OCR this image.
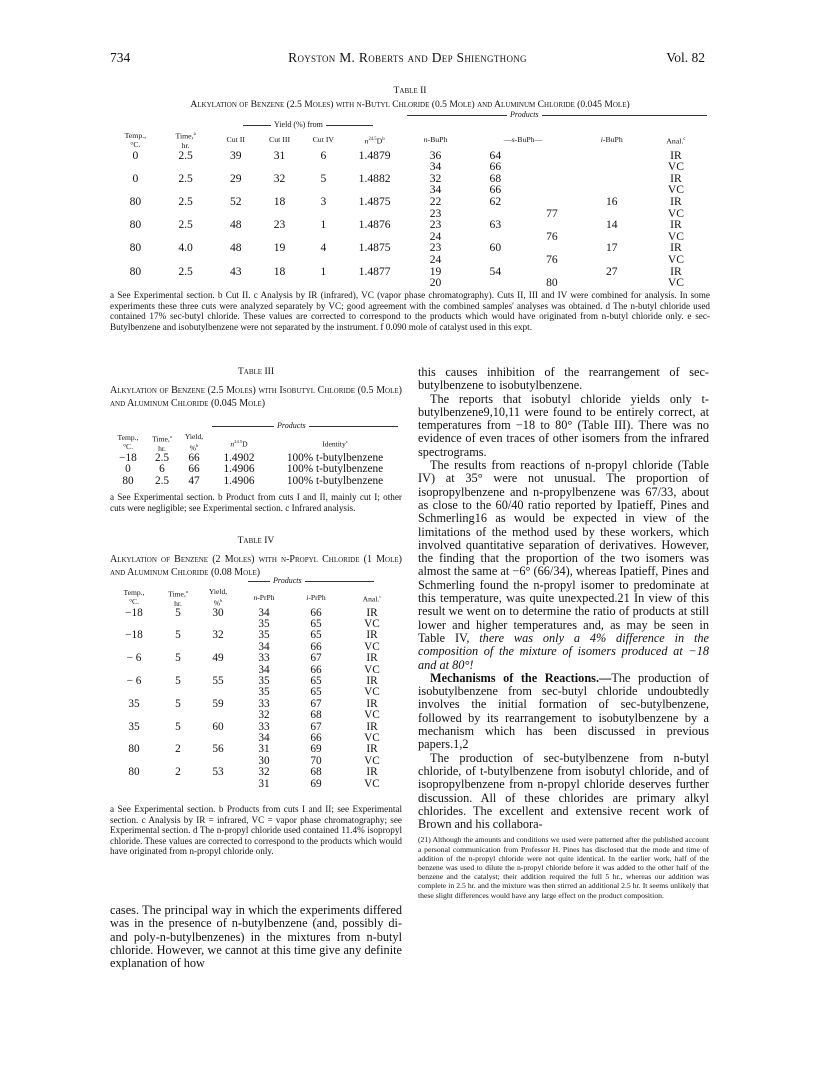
734	Royston M. Roberts and Dep Shiengthong	Vol. 82
Table II
Alkylation of Benzene (2.5 Moles) with n-Butyl Chloride (0.5 Mole) and Aluminum Chloride (0.045 Mole)
Products
Yield (%) from
Temp.,
°C.	Time,$^a$
hr.	Cut II	Cut III	Cut IV	$n^{24.5}D^b$	n-BuPh	—s-BuPh—		i-BuPh	Anal.$^c$
0	2.5	39	31	6	1.4879	36	64			IR
						34	66			VC
0	2.5	29	32	5	1.4882	32	68			IR
						34	66			VC
80	2.5	52	18	3	1.4875	22	62		16	IR
						23		77		VC
80	2.5	48	23	1	1.4876	23	63		14	IR
						24		76		VC
80	4.0	48	19	4	1.4875	23	60		17	IR
						24		76		VC
80	2.5	43	18	1	1.4877	19	54		27	IR
						20		80		VC
a See Experimental section. b Cut II. c Analysis by IR (infrared), VC (vapor phase chromatography). Cuts II, III and IV were combined for analysis. In some experiments these three cuts were analyzed separately by VC; good agreement with the combined samples' analyses was obtained. d The n-butyl chloride used contained 17% sec-butyl chloride. These values are corrected to correspond to the products which would have originated from n-butyl chloride only. e sec-Butylbenzene and isobutylbenzene were not separated by the instrument. f 0.090 mole of catalyst used in this expt.
Table III
Alkylation of Benzene (2.5 Moles) with Isobutyl Chloride (0.5 Mole) and Aluminum Chloride (0.045 Mole)
Products
Temp.,
°C.	Time,$^a$
hr.	Yield,
%$^b$	$n^{24.5}D$	Identity$^c$
−18	2.5	66	1.4902	100% t-butylbenzene
0	6	66	1.4906	100% t-butylbenzene
80	2.5	47	1.4906	100% t-butylbenzene
a See Experimental section. b Product from cuts I and II, mainly cut I; other cuts were negligible; see Experimental section. c Infrared analysis.
Table IV
Alkylation of Benzene (2 Moles) with n-Propyl Chloride (1 Mole) and Aluminum Chloride (0.08 Mole)
Products
Temp.,
°C.	Time,$^a$
hr.	Yield,
%$^b$	n-PrPh	i-PrPh	Anal.$^c$
−18	5	30	34	66	IR
			35	65	VC
−18	5	32	35	65	IR
			34	66	VC
− 6	5	49	33	67	IR
			34	66	VC
− 6	5	55	35	65	IR
			35	65	VC
35	5	59	33	67	IR
			32	68	VC
35	5	60	33	67	IR
			34	66	VC
80	2	56	31	69	IR
			30	70	VC
80	2	53	32	68	IR
			31	69	VC
a See Experimental section. b Products from cuts I and II; see Experimental section. c Analysis by IR = infrared, VC = vapor phase chromatography; see Experimental section. d The n-propyl chloride used contained 11.4% isopropyl chloride. These values are corrected to correspond to the products which would have originated from n-propyl chloride only.

cases. The principal way in which the experiments differed was in the presence of n-butylbenzene (and, possibly di- and poly-n-butylbenzenes) in the mixtures from n-butyl chloride. However, we cannot at this time give any definite explanation of how

this causes inhibition of the rearrangement of sec-butylbenzene to isobutylbenzene.

The reports that isobutyl chloride yields only t-butylbenzene9,10,11 were found to be entirely correct, at temperatures from −18 to 80° (Table III). There was no evidence of even traces of other isomers from the infrared spectrograms.

The results from reactions of n-propyl chloride (Table IV) at 35° were not unusual. The proportion of isopropylbenzene and n-propylbenzene was 67/33, about as close to the 60/40 ratio reported by Ipatieff, Pines and Schmerling16 as would be expected in view of the limitations of the method used by these workers, which involved quantitative separation of derivatives. However, the finding that the proportion of the two isomers was almost the same at −6° (66/34), whereas Ipatieff, Pines and Schmerling found the n-propyl isomer to predominate at this temperature, was quite unexpected.21 In view of this result we went on to determine the ratio of products at still lower and higher temperatures and, as may be seen in Table IV, there was only a 4% difference in the composition of the mixture of isomers produced at −18 and at 80°!

Mechanisms of the Reactions.—The production of isobutylbenzene from sec-butyl chloride undoubtedly involves the initial formation of sec-butylbenzene, followed by its rearrangement to isobutylbenzene by a mechanism which has been discussed in previous papers.1,2

The production of sec-butylbenzene from n-butyl chloride, of t-butylbenzene from isobutyl chloride, and of isopropylbenzene from n-propyl chloride deserves further discussion. All of these chlorides are primary alkyl chlorides. The excellent and extensive recent work of Brown and his collabora-

(21) Although the amounts and conditions we used were patterned after the published account a personal communication from Professor H. Pines has disclosed that the mode and time of addition of the n-propyl chloride were not quite identical. In the earlier work, half of the benzene was used to dilute the n-propyl chloride before it was added to the other half of the benzene and the catalyst; their addition required the full 5 hr., whereas our addition was complete in 2.5 hr. and the mixture was then stirred an additional 2.5 hr. It seems unlikely that these slight differences would have any large effect on the product composition.
